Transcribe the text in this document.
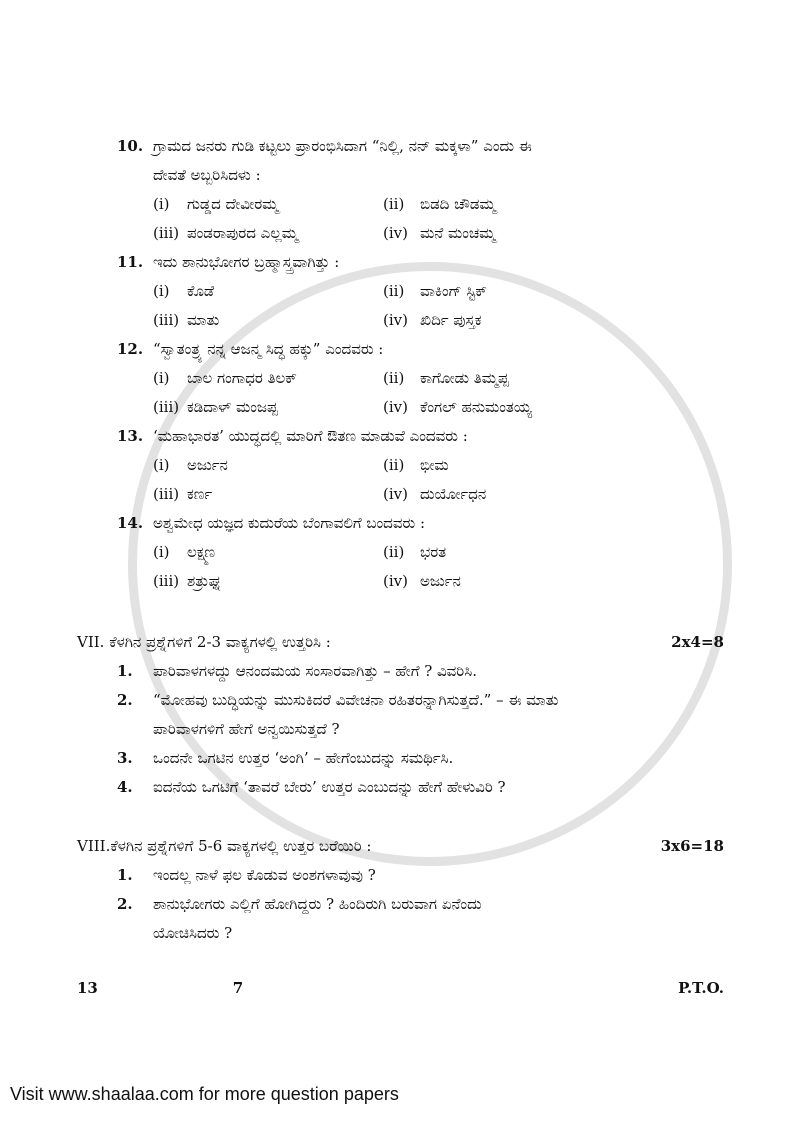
10. ಗ್ರಾಮದ ಜನರು ಗುಡಿ ಕಟ್ಟಲು ಪ್ರಾರಂಭಿಸಿದಾಗ “ನಿಲ್ಲಿ, ನನ್ ಮಕ್ಕಳಾ” ಎಂದು ಈ
ದೇವತೆ ಅಬ್ಬರಿಸಿದಳು :
(i)	ಗುಡ್ಡದ ದೇವೀರಮ್ಮ	(ii)	ಬಿಡದಿ ಚೌಡಮ್ಮ
(iii) ಪಂಡರಾಪುರದ ಎಲ್ಲಮ್ಮ	(iv) ಮನೆ ಮಂಚಮ್ಮ
11. ಇದು ಶಾನುಭೋಗರ ಬ್ರಹ್ಮಾಸ್ತ್ರವಾಗಿತ್ತು :
(i)	ಕೊಡೆ	(ii)	ವಾಕಿಂಗ್ ಸ್ಟಿಕ್
(iii) ಮಾತು	(iv) ಖಿರ್ದಿ ಪುಸ್ತಕ
12. “ಸ್ವಾತಂತ್ರ್ಯ ನನ್ನ ಆಜನ್ಮ ಸಿದ್ಧ ಹಕ್ಕು” ಎಂದವರು :
(i)	ಬಾಲ ಗಂಗಾಧರ ತಿಲಕ್	(ii)	ಕಾಗೋಡು ತಿಮ್ಮಪ್ಪ
(iii) ಕಡಿದಾಳ್ ಮಂಜಪ್ಪ	(iv) ಕೆಂಗಲ್ ಹನುಮಂತಯ್ಯ
13. ‘ಮಹಾಭಾರತ’ ಯುದ್ಧದಲ್ಲಿ ಮಾರಿಗೆ ಔತಣ ಮಾಡುವೆ ಎಂದವರು :
(i)	ಅರ್ಜುನ	(ii)	ಭೀಮ
(iii) ಕರ್ಣ	(iv) ದುರ್ಯೋಧನ
14. ಅಶ್ವಮೇಧ ಯಜ್ಞದ ಕುದುರೆಯ ಬೆಂಗಾವಲಿಗೆ ಬಂದವರು :
(i)	ಲಕ್ಷ್ಮಣ	(ii)	ಭರತ
(iii) ಶತ್ರುಘ್ನ	(iv) ಅರ್ಜುನ
VII. ಕೆಳಗಿನ ಪ್ರಶ್ನೆಗಳಿಗೆ 2-3 ವಾಕ್ಯಗಳಲ್ಲಿ ಉತ್ತರಿಸಿ :	2x4=8
1.	ಪಾರಿವಾಳಗಳದ್ದು ಆನಂದಮಯ ಸಂಸಾರವಾಗಿತ್ತು – ಹೇಗೆ ? ವಿವರಿಸಿ.
2.	“ಮೋಹವು ಬುದ್ಧಿಯನ್ನು ಮುಸುಕಿದರೆ ವಿವೇಚನಾ ರಹಿತರನ್ನಾಗಿಸುತ್ತದೆ.” – ಈ ಮಾತು
ಪಾರಿವಾಳಗಳಿಗೆ ಹೇಗೆ ಅನ್ವಯಿಸುತ್ತದೆ ?
3.	ಒಂದನೇ ಒಗಟಿನ ಉತ್ತರ ‘ಅಂಗಿ’ – ಹೇಗೆಂಬುದನ್ನು ಸಮರ್ಥಿಸಿ.
4.	ಐದನೆಯ ಒಗಟಿಗೆ ‘ತಾವರೆ ಬೇರು’ ಉತ್ತರ ಎಂಬುದನ್ನು ಹೇಗೆ ಹೇಳುವಿರಿ ?
VIII.ಕೆಳಗಿನ ಪ್ರಶ್ನೆಗಳಿಗೆ 5-6 ವಾಕ್ಯಗಳಲ್ಲಿ ಉತ್ತರ ಬರೆಯಿರಿ :	3x6=18
1.	ಇಂದಲ್ಲ ನಾಳೆ ಫಲ ಕೊಡುವ ಅಂಶಗಳಾವುವು ?
2.	ಶಾನುಭೋಗರು ಎಲ್ಲಿಗೆ ಹೋಗಿದ್ದರು ? ಹಿಂದಿರುಗಿ ಬರುವಾಗ ಏನೆಂದು
ಯೋಚಿಸಿದರು ?
13	7	P.T.O.
Visit www.shaalaa.com for more question papers
